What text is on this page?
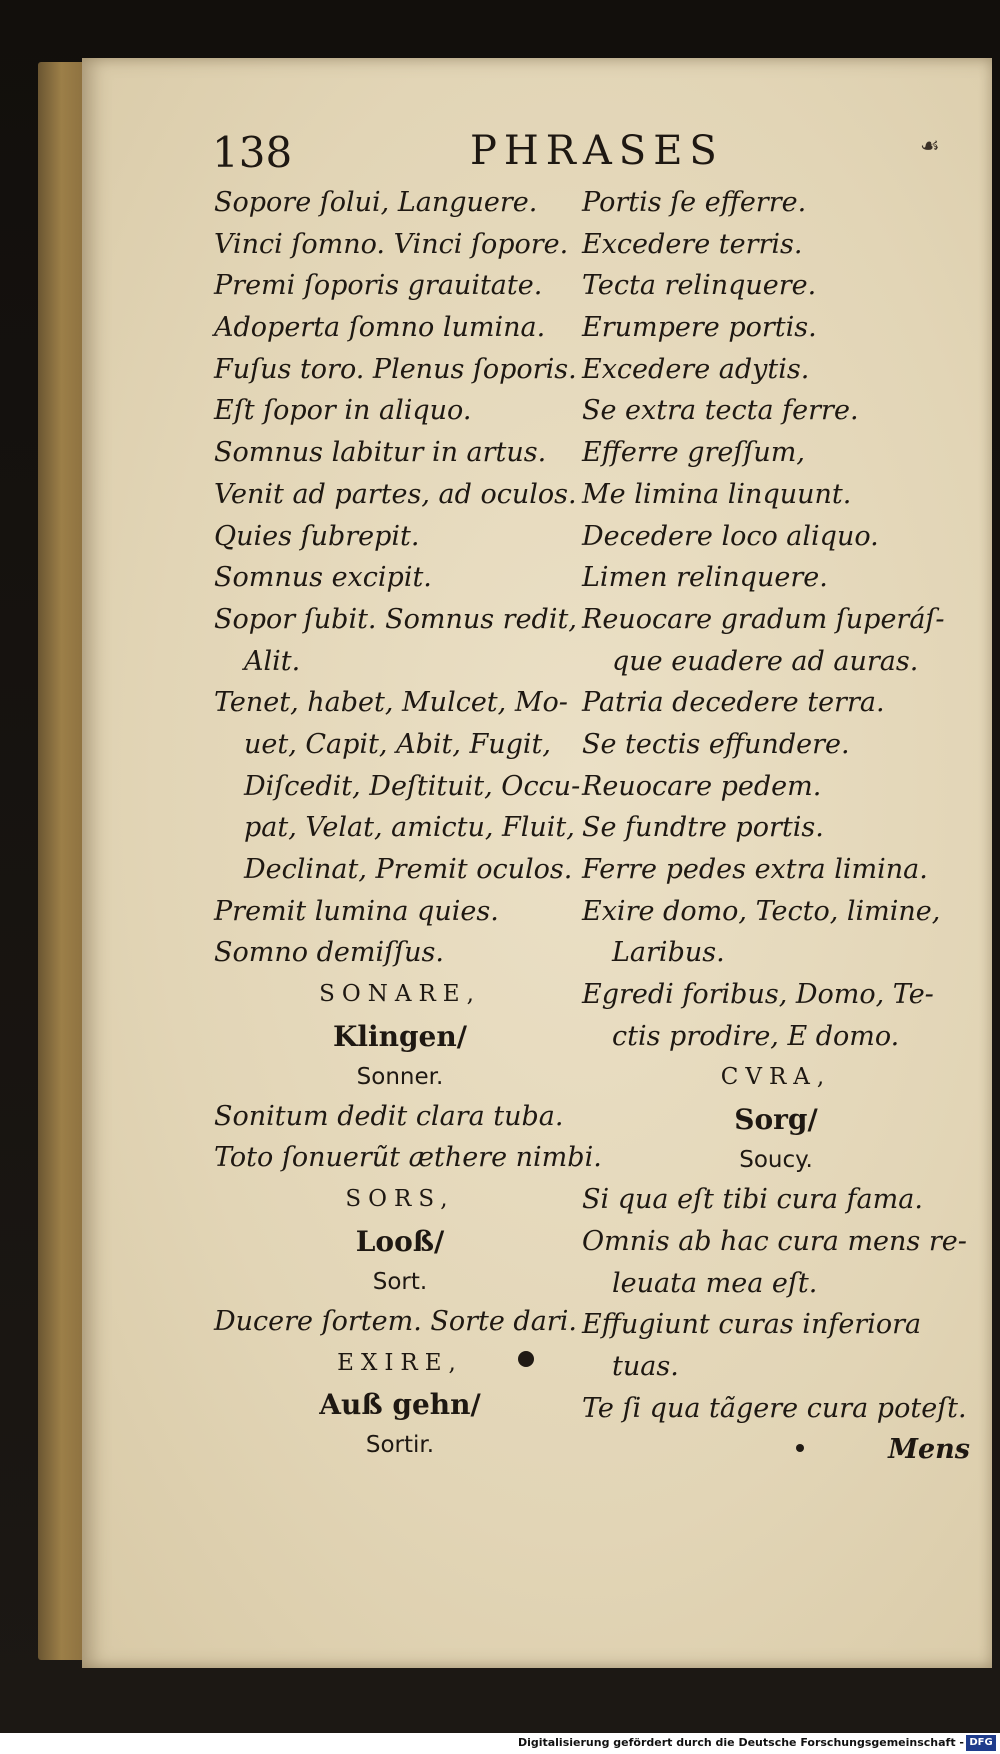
138	PHRASES	☙
Sopore ſolui, Languere.
Vinci ſomno. Vinci ſopore.
Premi ſoporis grauitate.
Adoperta ſomno lumina.
Fuſus toro. Plenus ſoporis.
Eſt ſopor in aliquo.
Somnus labitur in artus.
Venit ad partes, ad oculos.
Quies ſubrepit.
Somnus excipit.
Sopor ſubit. Somnus redit,
Alit.
Tenet, habet, Mulcet, Mo-
uet, Capit, Abit, Fugit,
Diſcedit, Deſtituit, Occu-
pat, Velat, amictu, Fluit,
Declinat, Premit oculos.
Premit lumina quies.
Somno demiſſus.
SONARE,
Klingen/
Sonner.
Sonitum dedit clara tuba.
Toto ſonuerũt æthere nimbi.
SORS,
Looß/
Sort.
Ducere ſortem. Sorte dari.
EXIRE,
Auß gehn/
Sortir.
Portis ſe efferre.
Excedere terris.
Tecta relinquere.
Erumpere portis.
Excedere adytis.
Se extra tecta ferre.
Efferre greſſum,
Me limina linquunt.
Decedere loco aliquo.
Limen relinquere.
Reuocare gradum ſuperáſ-
que euadere ad auras.
Patria decedere terra.
Se tectis effundere.
Reuocare pedem.
Se fundtre portis.
Ferre pedes extra limina.
Exire domo, Tecto, limine,
Laribus.
Egredi foribus, Domo, Te-
ctis prodire, E domo.
CVRA,
Sorg/
Soucy.
Si qua eſt tibi cura fama.
Omnis ab hac cura mens re-
leuata mea eſt.
Effugiunt curas inferiora
tuas.
Te ſi qua tãgere cura poteſt.
Mens
Digitalisierung gefördert durch die Deutsche Forschungsgemeinschaft - DFG
